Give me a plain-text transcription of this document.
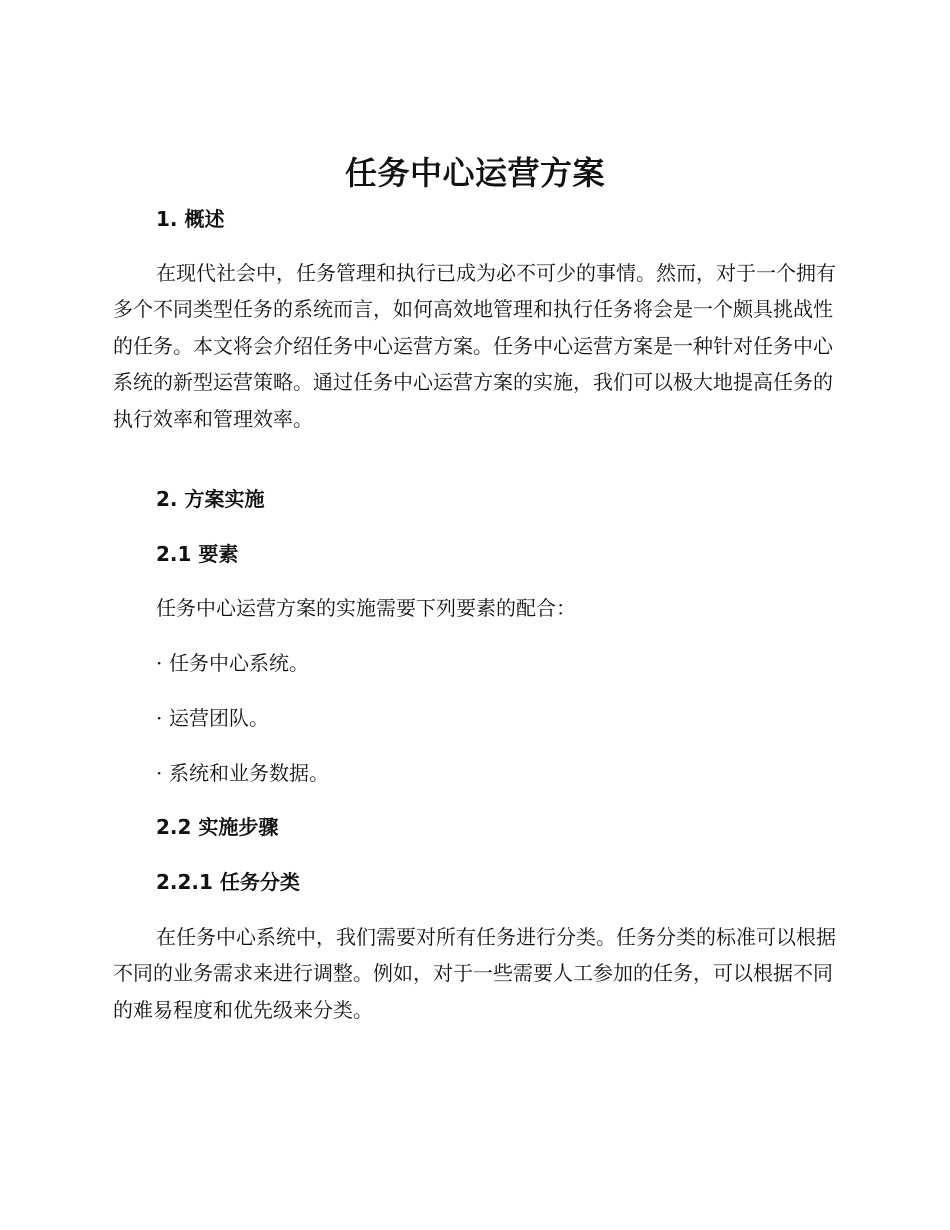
任务中心运营方案
1. 概述

在现代社会中，任务管理和执行已成为必不可少的事情。然而，对于一个拥有多个不同类型任务的系统而言，如何高效地管理和执行任务将会是一个颇具挑战性的任务。本文将会介绍任务中心运营方案。任务中心运营方案是一种针对任务中心系统的新型运营策略。通过任务中心运营方案的实施，我们可以极大地提高任务的执行效率和管理效率。

2. 方案实施
2.1 要素

任务中心运营方案的实施需要下列要素的配合：

· 任务中心系统。

· 运营团队。

· 系统和业务数据。

2.2 实施步骤
2.2.1 任务分类

在任务中心系统中，我们需要对所有任务进行分类。任务分类的标准可以根据不同的业务需求来进行调整。例如，对于一些需要人工参加的任务，可以根据不同的难易程度和优先级来分类。
